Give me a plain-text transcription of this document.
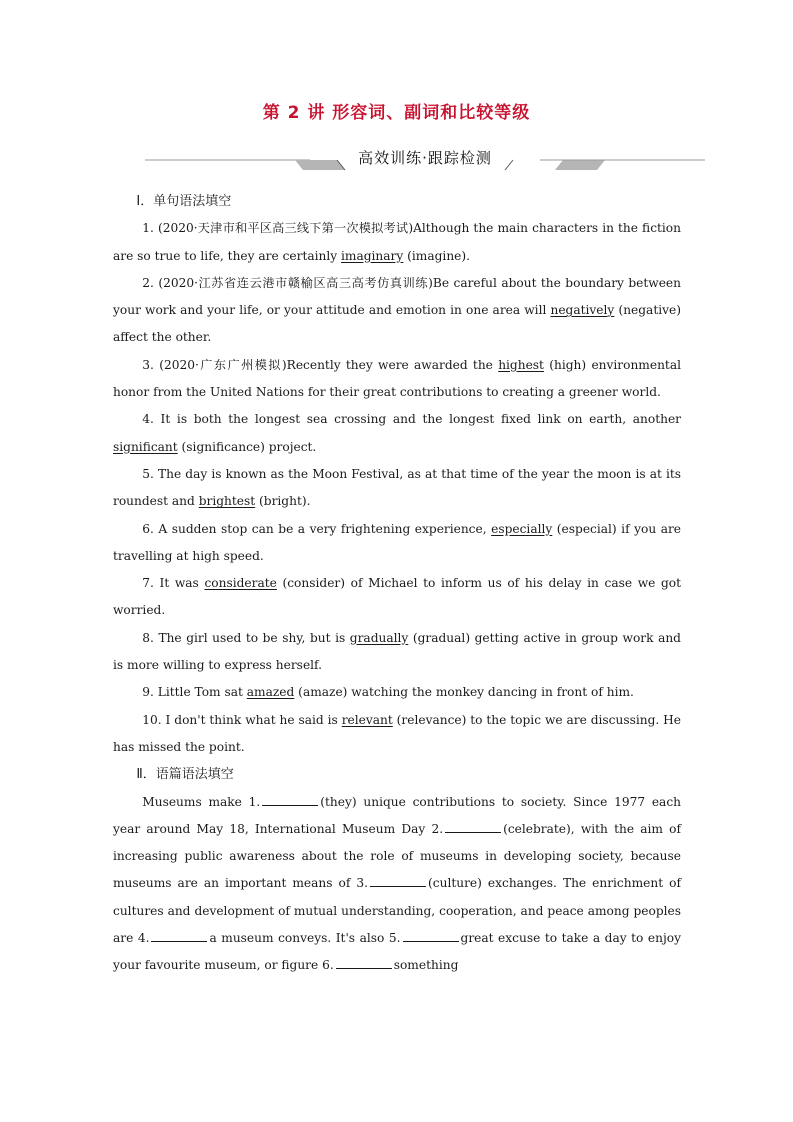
第 2 讲 形容词、副词和比较等级
高效训练·跟踪检测

Ⅰ．单句语法填空

1. (2020·天津市和平区高三线下第一次模拟考试)Although the main characters in the fiction are so true to life, they are certainly imaginary (imagine).

2. (2020·江苏省连云港市赣榆区高三高考仿真训练)Be careful about the boundary between your work and your life, or your attitude and emotion in one area will negatively (negative) affect the other.

3. (2020·广东广州模拟)Recently they were awarded the highest (high) environmental honor from the United Nations for their great contributions to creating a greener world.

4. It is both the longest sea crossing and the longest fixed link on earth, another significant (significance) project.

5. The day is known as the Moon Festival, as at that time of the year the moon is at its roundest and brightest (bright).

6. A sudden stop can be a very frightening experience, especially (especial) if you are travelling at high speed.

7. It was considerate (consider) of Michael to inform us of his delay in case we got worried.

8. The girl used to be shy, but is gradually (gradual) getting active in group work and is more willing to express herself.

9. Little Tom sat amazed (amaze) watching the monkey dancing in front of him.

10. I don't think what he said is relevant (relevance) to the topic we are discussing. He has missed the point.

Ⅱ．语篇语法填空

Museums make 1.	(they) unique contributions to society. Since 1977 each year around May 18, International Museum Day 2.	(celebrate), with the aim of increasing public awareness about the role of museums in developing society, because museums are an important means of 3.	(culture) exchanges. The enrichment of cultures and development of mutual understanding, cooperation, and peace among peoples are 4.	a museum conveys. It's also 5.	great excuse to take a day to enjoy your favourite museum, or figure 6.	something
